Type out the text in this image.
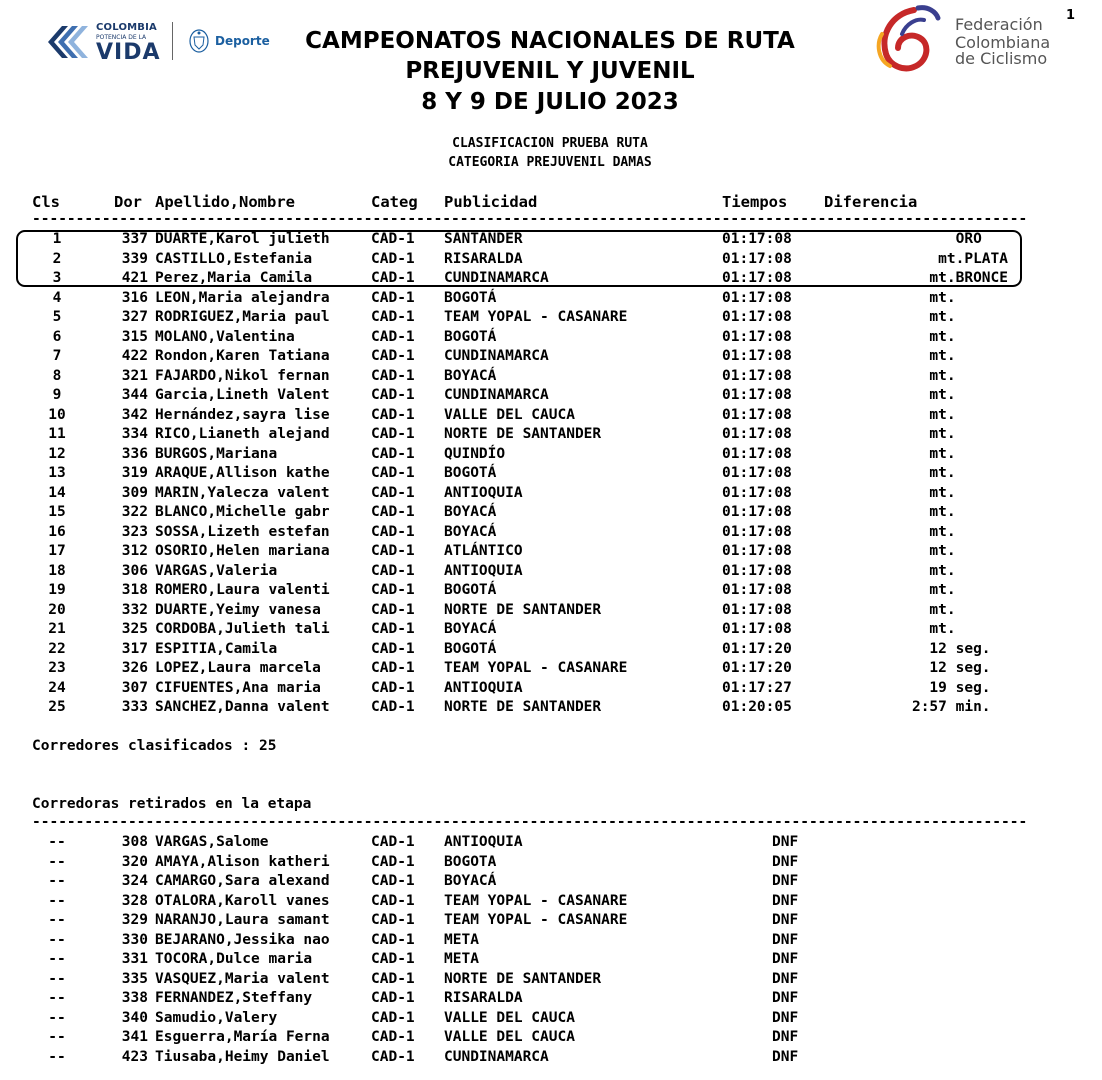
COLOMBIA
POTENCIA DE LA
VIDA	Deporte	CAMPEONATOS NACIONALES DE RUTA
PREJUVENIL Y JUVENIL
8 Y 9 DE JULIO 2023
Federación
Colombiana
de Ciclismo
1
CLASIFICACION PRUEBA RUTA
CATEGORIA PREJUVENIL DAMAS
Cls	Dor Apellido,Nombre	Categ Publicidad	Tiempos Diferencia
------------------------------------------------------------------------------------------------------------------
1	337 DUARTE,Karol julieth	CAD-1 SANTANDER	01:17:08	ORO
2	339 CASTILLO,Estefania	CAD-1 RISARALDA	01:17:08	mt.PLATA
3	421 Perez,Maria Camila	CAD-1 CUNDINAMARCA	01:17:08	mt.BRONCE
4	316 LEON,Maria alejandra	CAD-1 BOGOTÁ	01:17:08	mt.
5	327 RODRIGUEZ,Maria paul	CAD-1 TEAM YOPAL - CASANARE	01:17:08	mt.
6	315 MOLANO,Valentina	CAD-1 BOGOTÁ	01:17:08	mt.
7	422 Rondon,Karen Tatiana	CAD-1 CUNDINAMARCA	01:17:08	mt.
8	321 FAJARDO,Nikol fernan	CAD-1 BOYACÁ	01:17:08	mt.
9	344 Garcia,Lineth Valent	CAD-1 CUNDINAMARCA	01:17:08	mt.
10	342 Hernández,sayra lise	CAD-1 VALLE DEL CAUCA	01:17:08	mt.
11	334 RICO,Lianeth alejand	CAD-1 NORTE DE SANTANDER	01:17:08	mt.
12	336 BURGOS,Mariana	CAD-1 QUINDÍO	01:17:08	mt.
13	319 ARAQUE,Allison kathe	CAD-1 BOGOTÁ	01:17:08	mt.
14	309 MARIN,Yalecza valent	CAD-1 ANTIOQUIA	01:17:08	mt.
15	322 BLANCO,Michelle gabr	CAD-1 BOYACÁ	01:17:08	mt.
16	323 SOSSA,Lizeth estefan	CAD-1 BOYACÁ	01:17:08	mt.
17	312 OSORIO,Helen mariana	CAD-1 ATLÁNTICO	01:17:08	mt.
18	306 VARGAS,Valeria	CAD-1 ANTIOQUIA	01:17:08	mt.
19	318 ROMERO,Laura valenti	CAD-1 BOGOTÁ	01:17:08	mt.
20	332 DUARTE,Yeimy vanesa	CAD-1 NORTE DE SANTANDER	01:17:08	mt.
21	325 CORDOBA,Julieth tali	CAD-1 BOYACÁ	01:17:08	mt.
22	317 ESPITIA,Camila	CAD-1 BOGOTÁ	01:17:20	12 seg.
23	326 LOPEZ,Laura marcela	CAD-1 TEAM YOPAL - CASANARE	01:17:20	12 seg.
24	307 CIFUENTES,Ana maria	CAD-1 ANTIOQUIA	01:17:27	19 seg.
25	333 SANCHEZ,Danna valent	CAD-1 NORTE DE SANTANDER	01:20:05	2:57 min.
Corredores clasificados : 25
Corredoras retirados en la etapa
------------------------------------------------------------------------------------------------------------------
--	308 VARGAS,Salome	CAD-1 ANTIOQUIA	DNF
--	320 AMAYA,Alison katheri	CAD-1 BOGOTA	DNF
--	324 CAMARGO,Sara alexand	CAD-1 BOYACÁ	DNF
--	328 OTALORA,Karoll vanes	CAD-1 TEAM YOPAL - CASANARE	DNF
--	329 NARANJO,Laura samant	CAD-1 TEAM YOPAL - CASANARE	DNF
--	330 BEJARANO,Jessika nao	CAD-1 META	DNF
--	331 TOCORA,Dulce maria	CAD-1 META	DNF
--	335 VASQUEZ,Maria valent	CAD-1 NORTE DE SANTANDER	DNF
--	338 FERNANDEZ,Steffany	CAD-1 RISARALDA	DNF
--	340 Samudio,Valery	CAD-1 VALLE DEL CAUCA	DNF
--	341 Esguerra,María Ferna	CAD-1 VALLE DEL CAUCA	DNF
--	423 Tiusaba,Heimy Daniel	CAD-1 CUNDINAMARCA	DNF
